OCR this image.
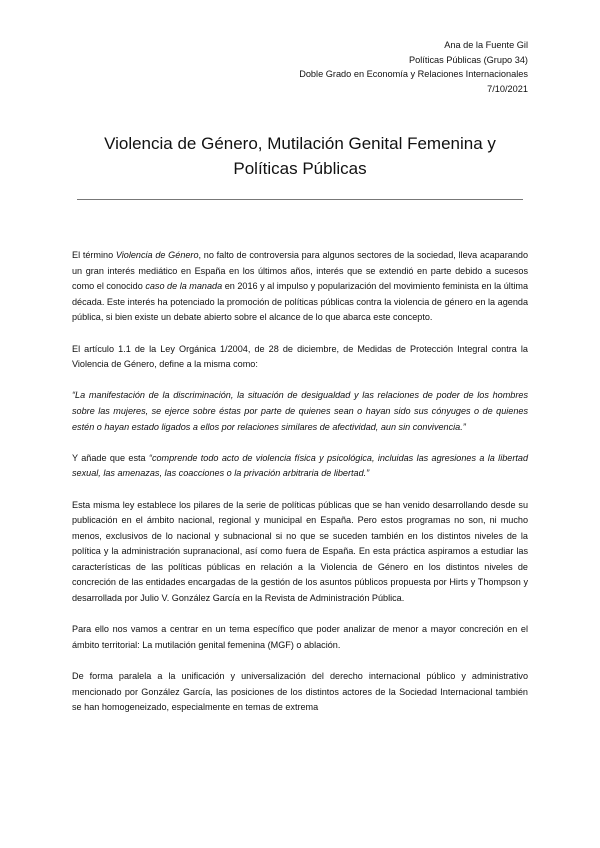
Ana de la Fuente Gil
Políticas Públicas (Grupo 34)
Doble Grado en Economía y Relaciones Internacionales
7/10/2021
Violencia de Género, Mutilación Genital Femenina y
Políticas Públicas

El término Violencia de Género, no falto de controversia para algunos sectores de la sociedad, lleva acaparando un gran interés mediático en España en los últimos años, interés que se extendió en parte debido a sucesos como el conocido caso de la manada en 2016 y al impulso y popularización del movimiento feminista en la última década. Este interés ha potenciado la promoción de políticas públicas contra la violencia de género en la agenda pública, si bien existe un debate abierto sobre el alcance de lo que abarca este concepto.

El artículo 1.1 de la Ley Orgánica 1/2004, de 28 de diciembre, de Medidas de Protección Integral contra la Violencia de Género, define a la misma como:

“La manifestación de la discriminación, la situación de desigualdad y las relaciones de poder de los hombres sobre las mujeres, se ejerce sobre éstas por parte de quienes sean o hayan sido sus cónyuges o de quienes estén o hayan estado ligados a ellos por relaciones similares de afectividad, aun sin convivencia.”

Y añade que esta “comprende todo acto de violencia física y psicológica, incluidas las agresiones a la libertad sexual, las amenazas, las coacciones o la privación arbitraria de libertad.”

Esta misma ley establece los pilares de la serie de políticas públicas que se han venido desarrollando desde su publicación en el ámbito nacional, regional y municipal en España. Pero estos programas no son, ni mucho menos, exclusivos de lo nacional y subnacional si no que se suceden también en los distintos niveles de la política y la administración supranacional, así como fuera de España. En esta práctica aspiramos a estudiar las características de las políticas públicas en relación a la Violencia de Género en los distintos niveles de concreción de las entidades encargadas de la gestión de los asuntos públicos propuesta por Hirts y Thompson y desarrollada por Julio V. González García en la Revista de Administración Pública.

Para ello nos vamos a centrar en un tema específico que poder analizar de menor a mayor concreción en el ámbito territorial: La mutilación genital femenina (MGF) o ablación.

De forma paralela a la unificación y universalización del derecho internacional público y administrativo mencionado por González García, las posiciones de los distintos actores de la Sociedad Internacional también se han homogeneizado, especialmente en temas de extrema
